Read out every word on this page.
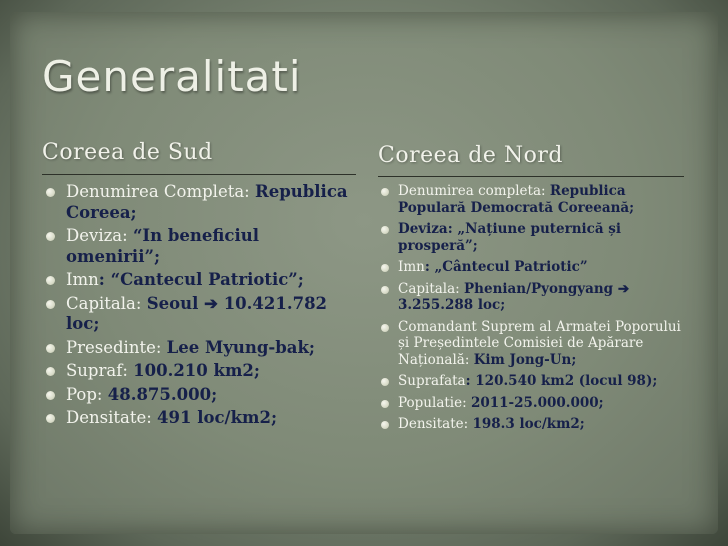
Generalitati
Coreea de Sud	Coreea de Nord
Denumirea Completa: Republica Coreea;
Deviza: “In beneficiul omenirii”;
Imn: “Cantecul Patriotic”;
Capitala: Seoul ➔ 10.421.782 loc;
Presedinte: Lee Myung-bak;
Supraf: 100.210 km2;
Pop: 48.875.000;
Densitate: 491 loc/km2;
Denumirea completa: Republica Populară Democrată Coreeană;
Deviza: „Națiune puternică și prosperă”;
Imn: „Cântecul Patriotic”
Capitala: Phenian/Pyongyang ➔ 3.255.288 loc;
Comandant Suprem al Armatei Poporului și Președintele Comisiei de Apărare Națională: Kim Jong-Un;
Suprafata: 120.540 km2 (locul 98);
Populatie: 2011-25.000.000;
Densitate: 198.3 loc/km2;
